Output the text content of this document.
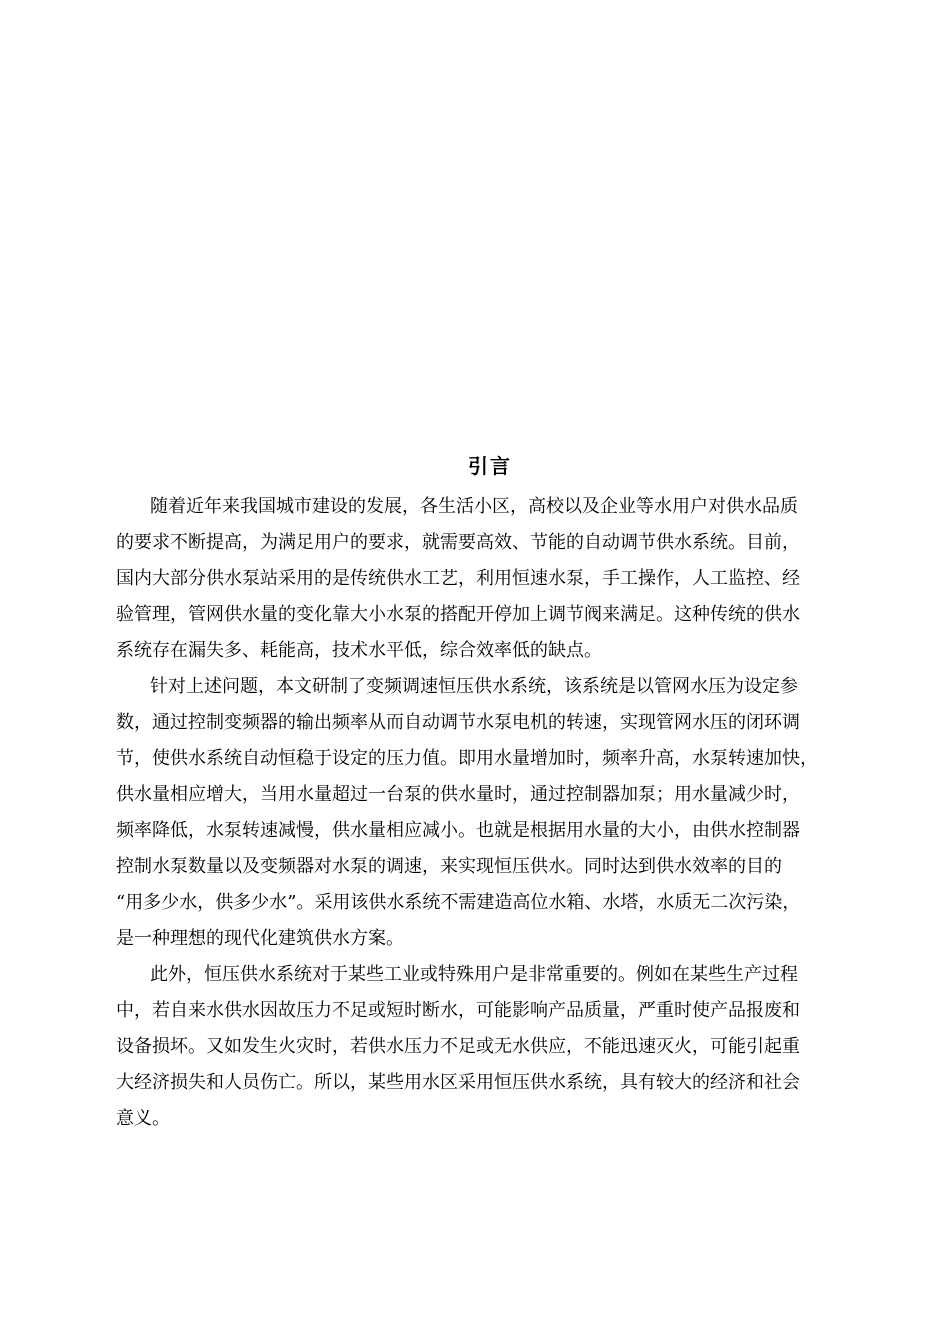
引言
随着近年来我国城市建设的发展，各生活小区，高校以及企业等水用户对供水品质
的要求不断提高，为满足用户的要求，就需要高效、节能的自动调节供水系统。目前，
国内大部分供水泵站采用的是传统供水工艺，利用恒速水泵，手工操作，人工监控、经
验管理，管网供水量的变化靠大小水泵的搭配开停加上调节阀来满足。这种传统的供水
系统存在漏失多、耗能高，技术水平低，综合效率低的缺点。
针对上述问题，本文研制了变频调速恒压供水系统，该系统是以管网水压为设定参
数，通过控制变频器的输出频率从而自动调节水泵电机的转速，实现管网水压的闭环调
节，使供水系统自动恒稳于设定的压力值。即用水量增加时，频率升高，水泵转速加快，
供水量相应增大，当用水量超过一台泵的供水量时，通过控制器加泵；用水量减少时，
频率降低，水泵转速减慢，供水量相应减小。也就是根据用水量的大小，由供水控制器
控制水泵数量以及变频器对水泵的调速，来实现恒压供水。同时达到供水效率的目的
“用多少水，供多少水”。采用该供水系统不需建造高位水箱、水塔，水质无二次污染，
是一种理想的现代化建筑供水方案。
此外，恒压供水系统对于某些工业或特殊用户是非常重要的。例如在某些生产过程
中，若自来水供水因故压力不足或短时断水，可能影响产品质量，严重时使产品报废和
设备损坏。又如发生火灾时，若供水压力不足或无水供应，不能迅速灭火，可能引起重
大经济损失和人员伤亡。所以，某些用水区采用恒压供水系统，具有较大的经济和社会
意义。
